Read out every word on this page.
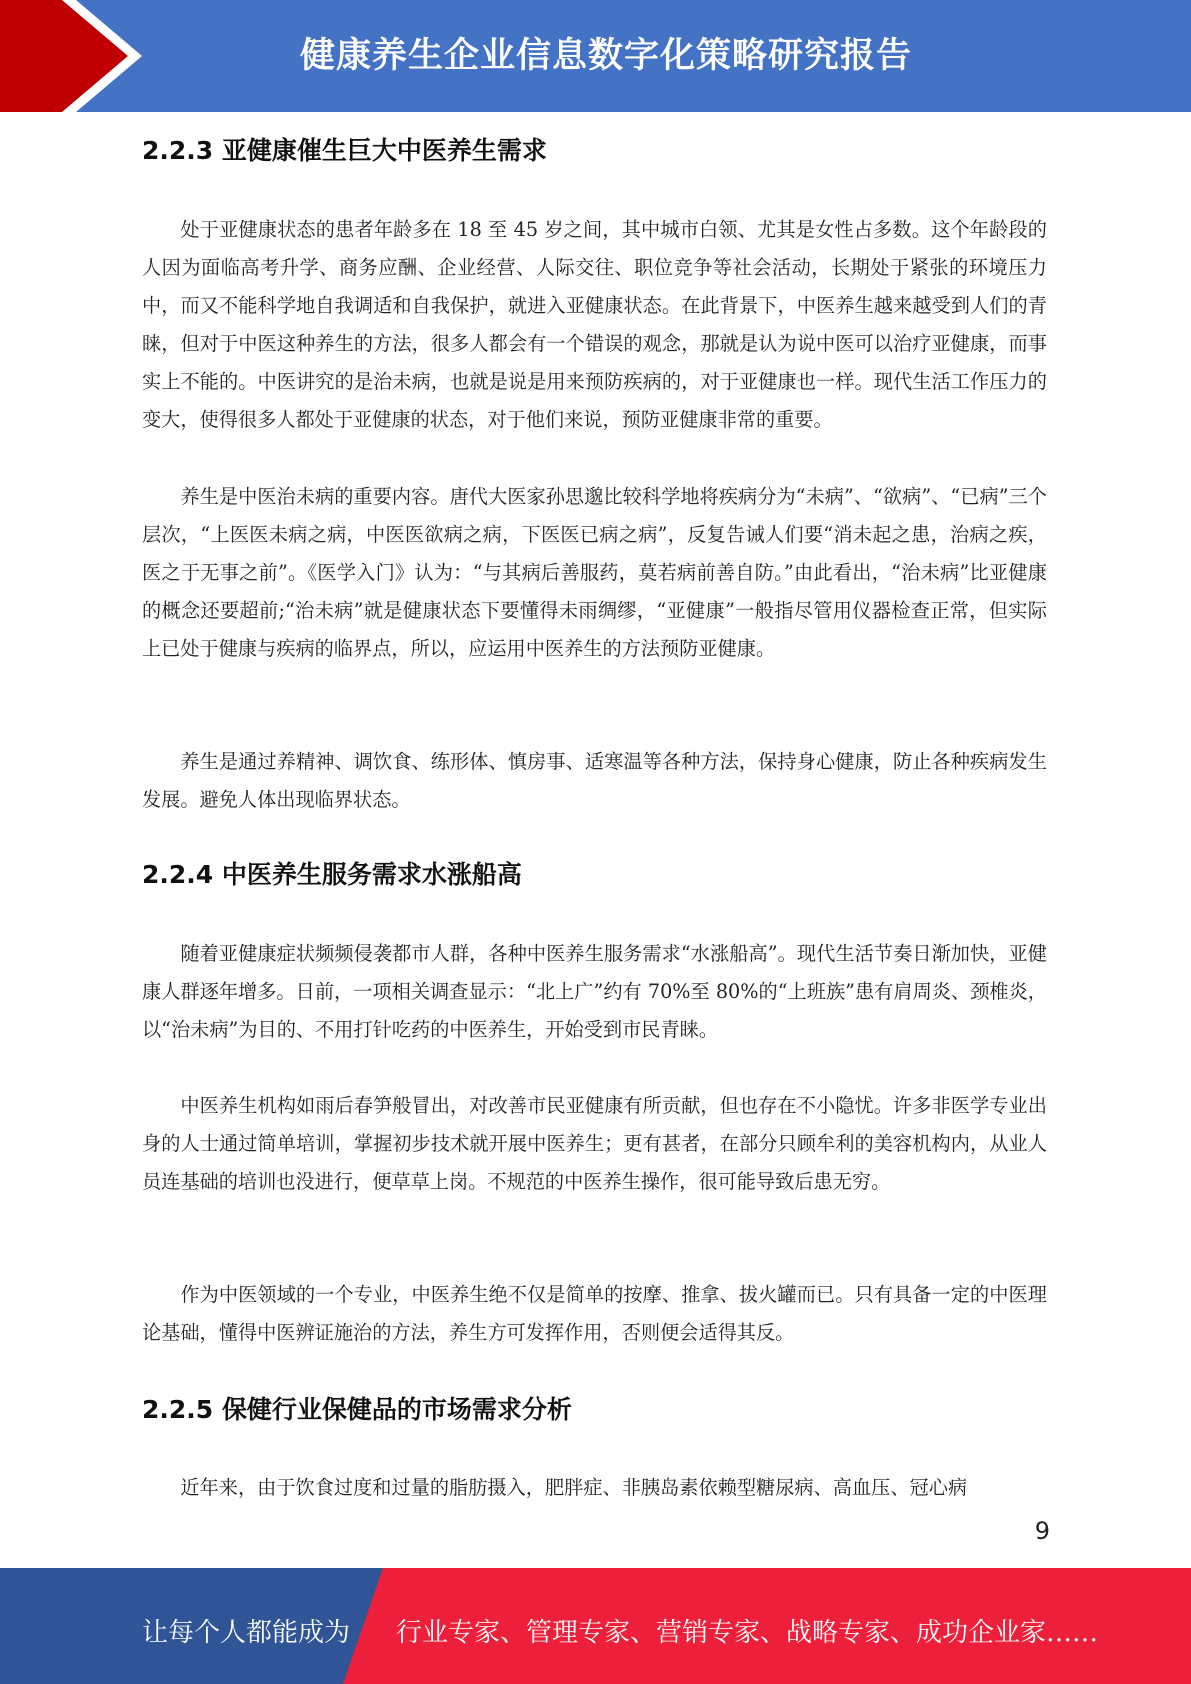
健康养生企业信息数字化策略研究报告
2.2.3 亚健康催生巨大中医养生需求

处于亚健康状态的患者年龄多在 18 至 45 岁之间，其中城市白领、尤其是女性占多数。这个年龄段的人因为面临高考升学、商务应酬、企业经营、人际交往、职位竞争等社会活动，长期处于紧张的环境压力中，而又不能科学地自我调适和自我保护，就进入亚健康状态。在此背景下，中医养生越来越受到人们的青睐，但对于中医这种养生的方法，很多人都会有一个错误的观念，那就是认为说中医可以治疗亚健康，而事实上不能的。中医讲究的是治未病，也就是说是用来预防疾病的，对于亚健康也一样。现代生活工作压力的变大，使得很多人都处于亚健康的状态，对于他们来说，预防亚健康非常的重要。

养生是中医治未病的重要内容。唐代大医家孙思邈比较科学地将疾病分为“未病”、“欲病”、“已病”三个层次，“上医医未病之病，中医医欲病之病，下医医已病之病”，反复告诫人们要“消未起之患，治病之疾，医之于无事之前”。《医学入门》认为：“与其病后善服药，莫若病前善自防。”由此看出，“治未病”比亚健康的概念还要超前;“治未病”就是健康状态下要懂得未雨绸缪，“亚健康”一般指尽管用仪器检查正常，但实际上已处于健康与疾病的临界点，所以，应运用中医养生的方法预防亚健康。

养生是通过养精神、调饮食、练形体、慎房事、适寒温等各种方法，保持身心健康，防止各种疾病发生发展。避免人体出现临界状态。

2.2.4 中医养生服务需求水涨船高

随着亚健康症状频频侵袭都市人群，各种中医养生服务需求“水涨船高”。现代生活节奏日渐加快，亚健康人群逐年增多。日前，一项相关调查显示：“北上广”约有 70%至 80%的“上班族”患有肩周炎、颈椎炎，以“治未病”为目的、不用打针吃药的中医养生，开始受到市民青睐。

中医养生机构如雨后春笋般冒出，对改善市民亚健康有所贡献，但也存在不小隐忧。许多非医学专业出身的人士通过简单培训，掌握初步技术就开展中医养生；更有甚者，在部分只顾牟利的美容机构内，从业人员连基础的培训也没进行，便草草上岗。不规范的中医养生操作，很可能导致后患无穷。

作为中医领域的一个专业，中医养生绝不仅是简单的按摩、推拿、拔火罐而已。只有具备一定的中医理论基础，懂得中医辨证施治的方法，养生方可发挥作用，否则便会适得其反。

2.2.5 保健行业保健品的市场需求分析

近年来，由于饮食过度和过量的脂肪摄入，肥胖症、非胰岛素依赖型糖尿病、高血压、冠心病

9
让每个人都能成为 行业专家、管理专家、营销专家、战略专家、成功企业家……
